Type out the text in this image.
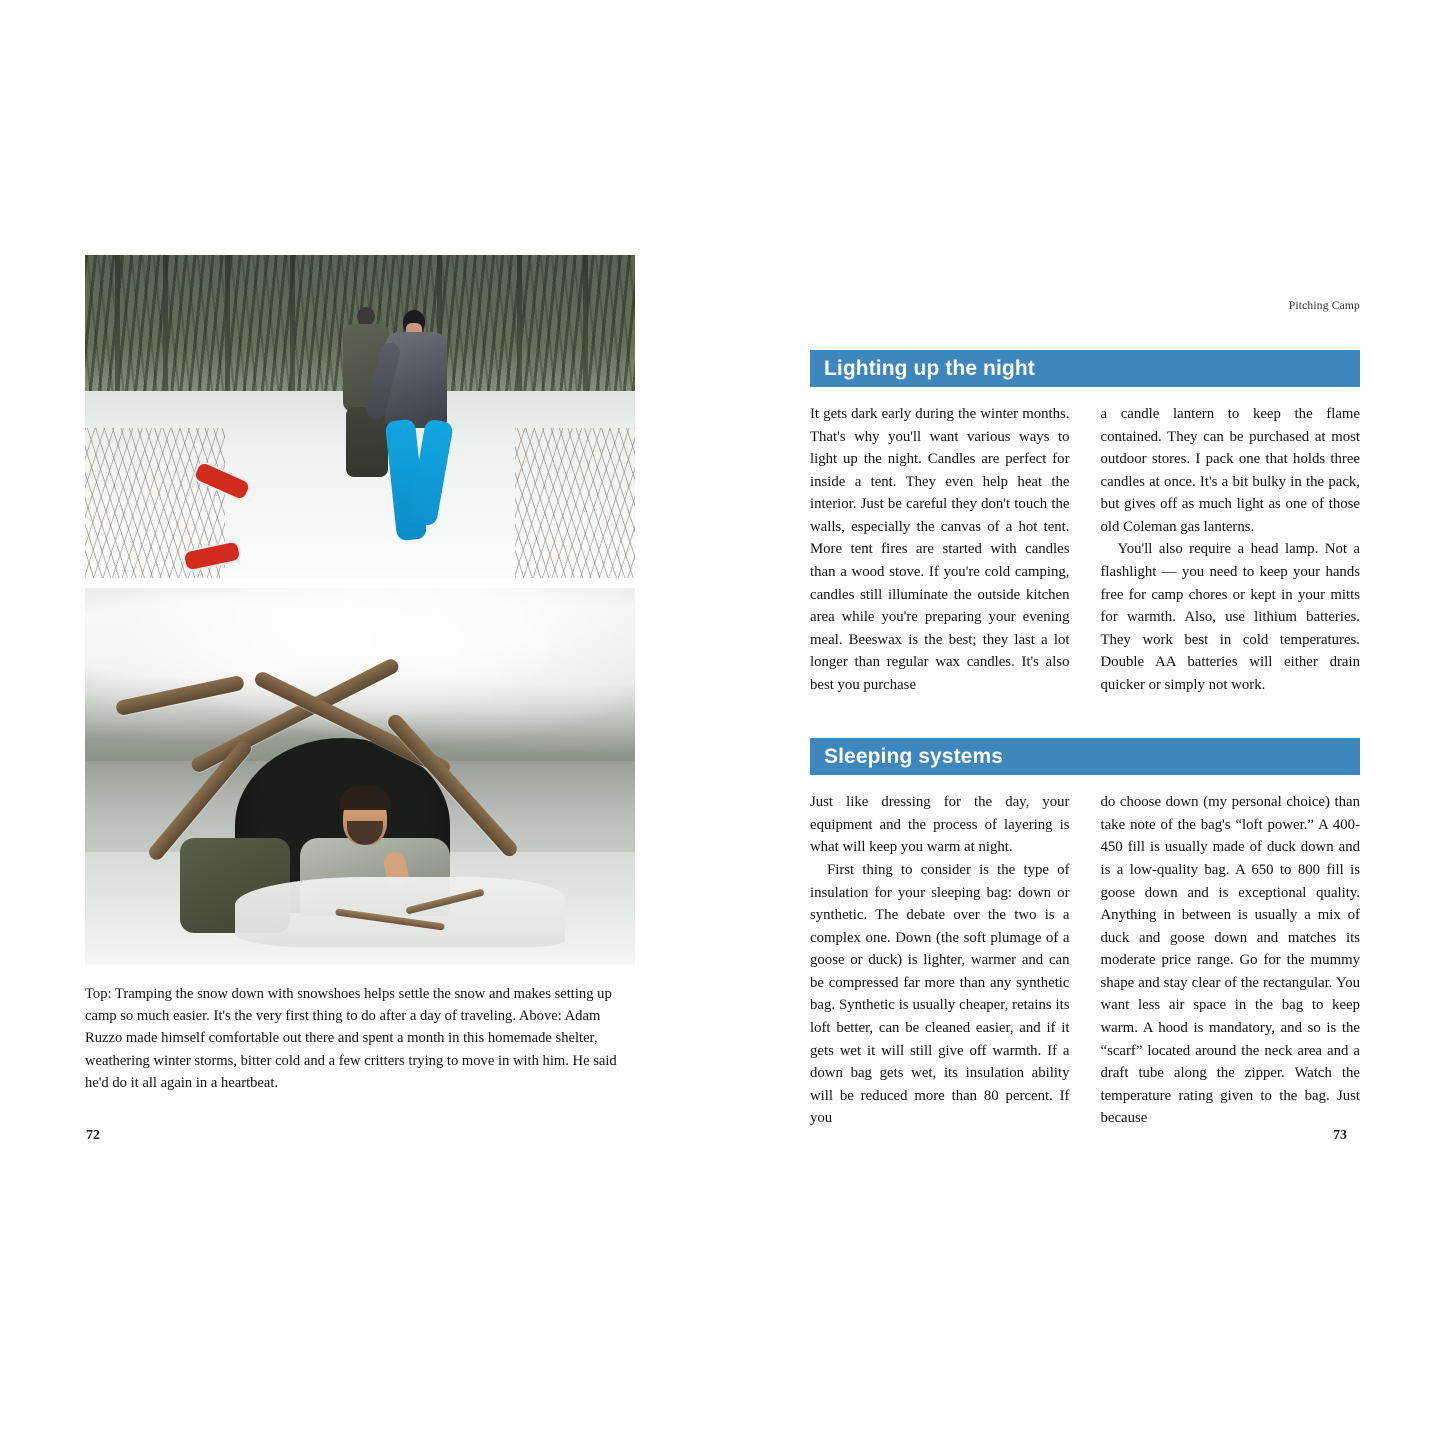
Top: Tramping the snow down with snowshoes helps settle the snow and makes setting up camp so much easier. It's the very first thing to do after a day of traveling. Above: Adam Ruzzo made himself comfortable out there and spent a month in this homemade shelter, weathering winter storms, bitter cold and a few critters trying to move in with him. He said he'd do it all again in a heartbeat.
72
Pitching Camp
Lighting up the night

It gets dark early during the winter months. That's why you'll want various ways to light up the night. Candles are perfect for inside a tent. They even help heat the interior. Just be careful they don't touch the walls, especially the canvas of a hot tent. More tent fires are started with candles than a wood stove. If you're cold camping, candles still illuminate the outside kitchen area while you're preparing your evening meal. Beeswax is the best; they last a lot longer than regular wax candles. It's also best you purchase

a candle lantern to keep the flame contained. They can be purchased at most outdoor stores. I pack one that holds three candles at once. It's a bit bulky in the pack, but gives off as much light as one of those old Coleman gas lanterns.

You'll also require a head lamp. Not a flashlight — you need to keep your hands free for camp chores or kept in your mitts for warmth. Also, use lithium batteries. They work best in cold temperatures. Double AA batteries will either drain quicker or simply not work.

Sleeping systems

Just like dressing for the day, your equipment and the process of layering is what will keep you warm at night.

First thing to consider is the type of insulation for your sleeping bag: down or synthetic. The debate over the two is a complex one. Down (the soft plumage of a goose or duck) is lighter, warmer and can be compressed far more than any synthetic bag. Synthetic is usually cheaper, retains its loft better, can be cleaned easier, and if it gets wet it will still give off warmth. If a down bag gets wet, its insulation ability will be reduced more than 80 percent. If you

do choose down (my personal choice) than take note of the bag's “loft power.” A 400-450 fill is usually made of duck down and is a low-quality bag. A 650 to 800 fill is goose down and is exceptional quality. Anything in between is usually a mix of duck and goose down and matches its moderate price range. Go for the mummy shape and stay clear of the rectangular. You want less air space in the bag to keep warm. A hood is mandatory, and so is the “scarf” located around the neck area and a draft tube along the zipper. Watch the temperature rating given to the bag. Just because

73
